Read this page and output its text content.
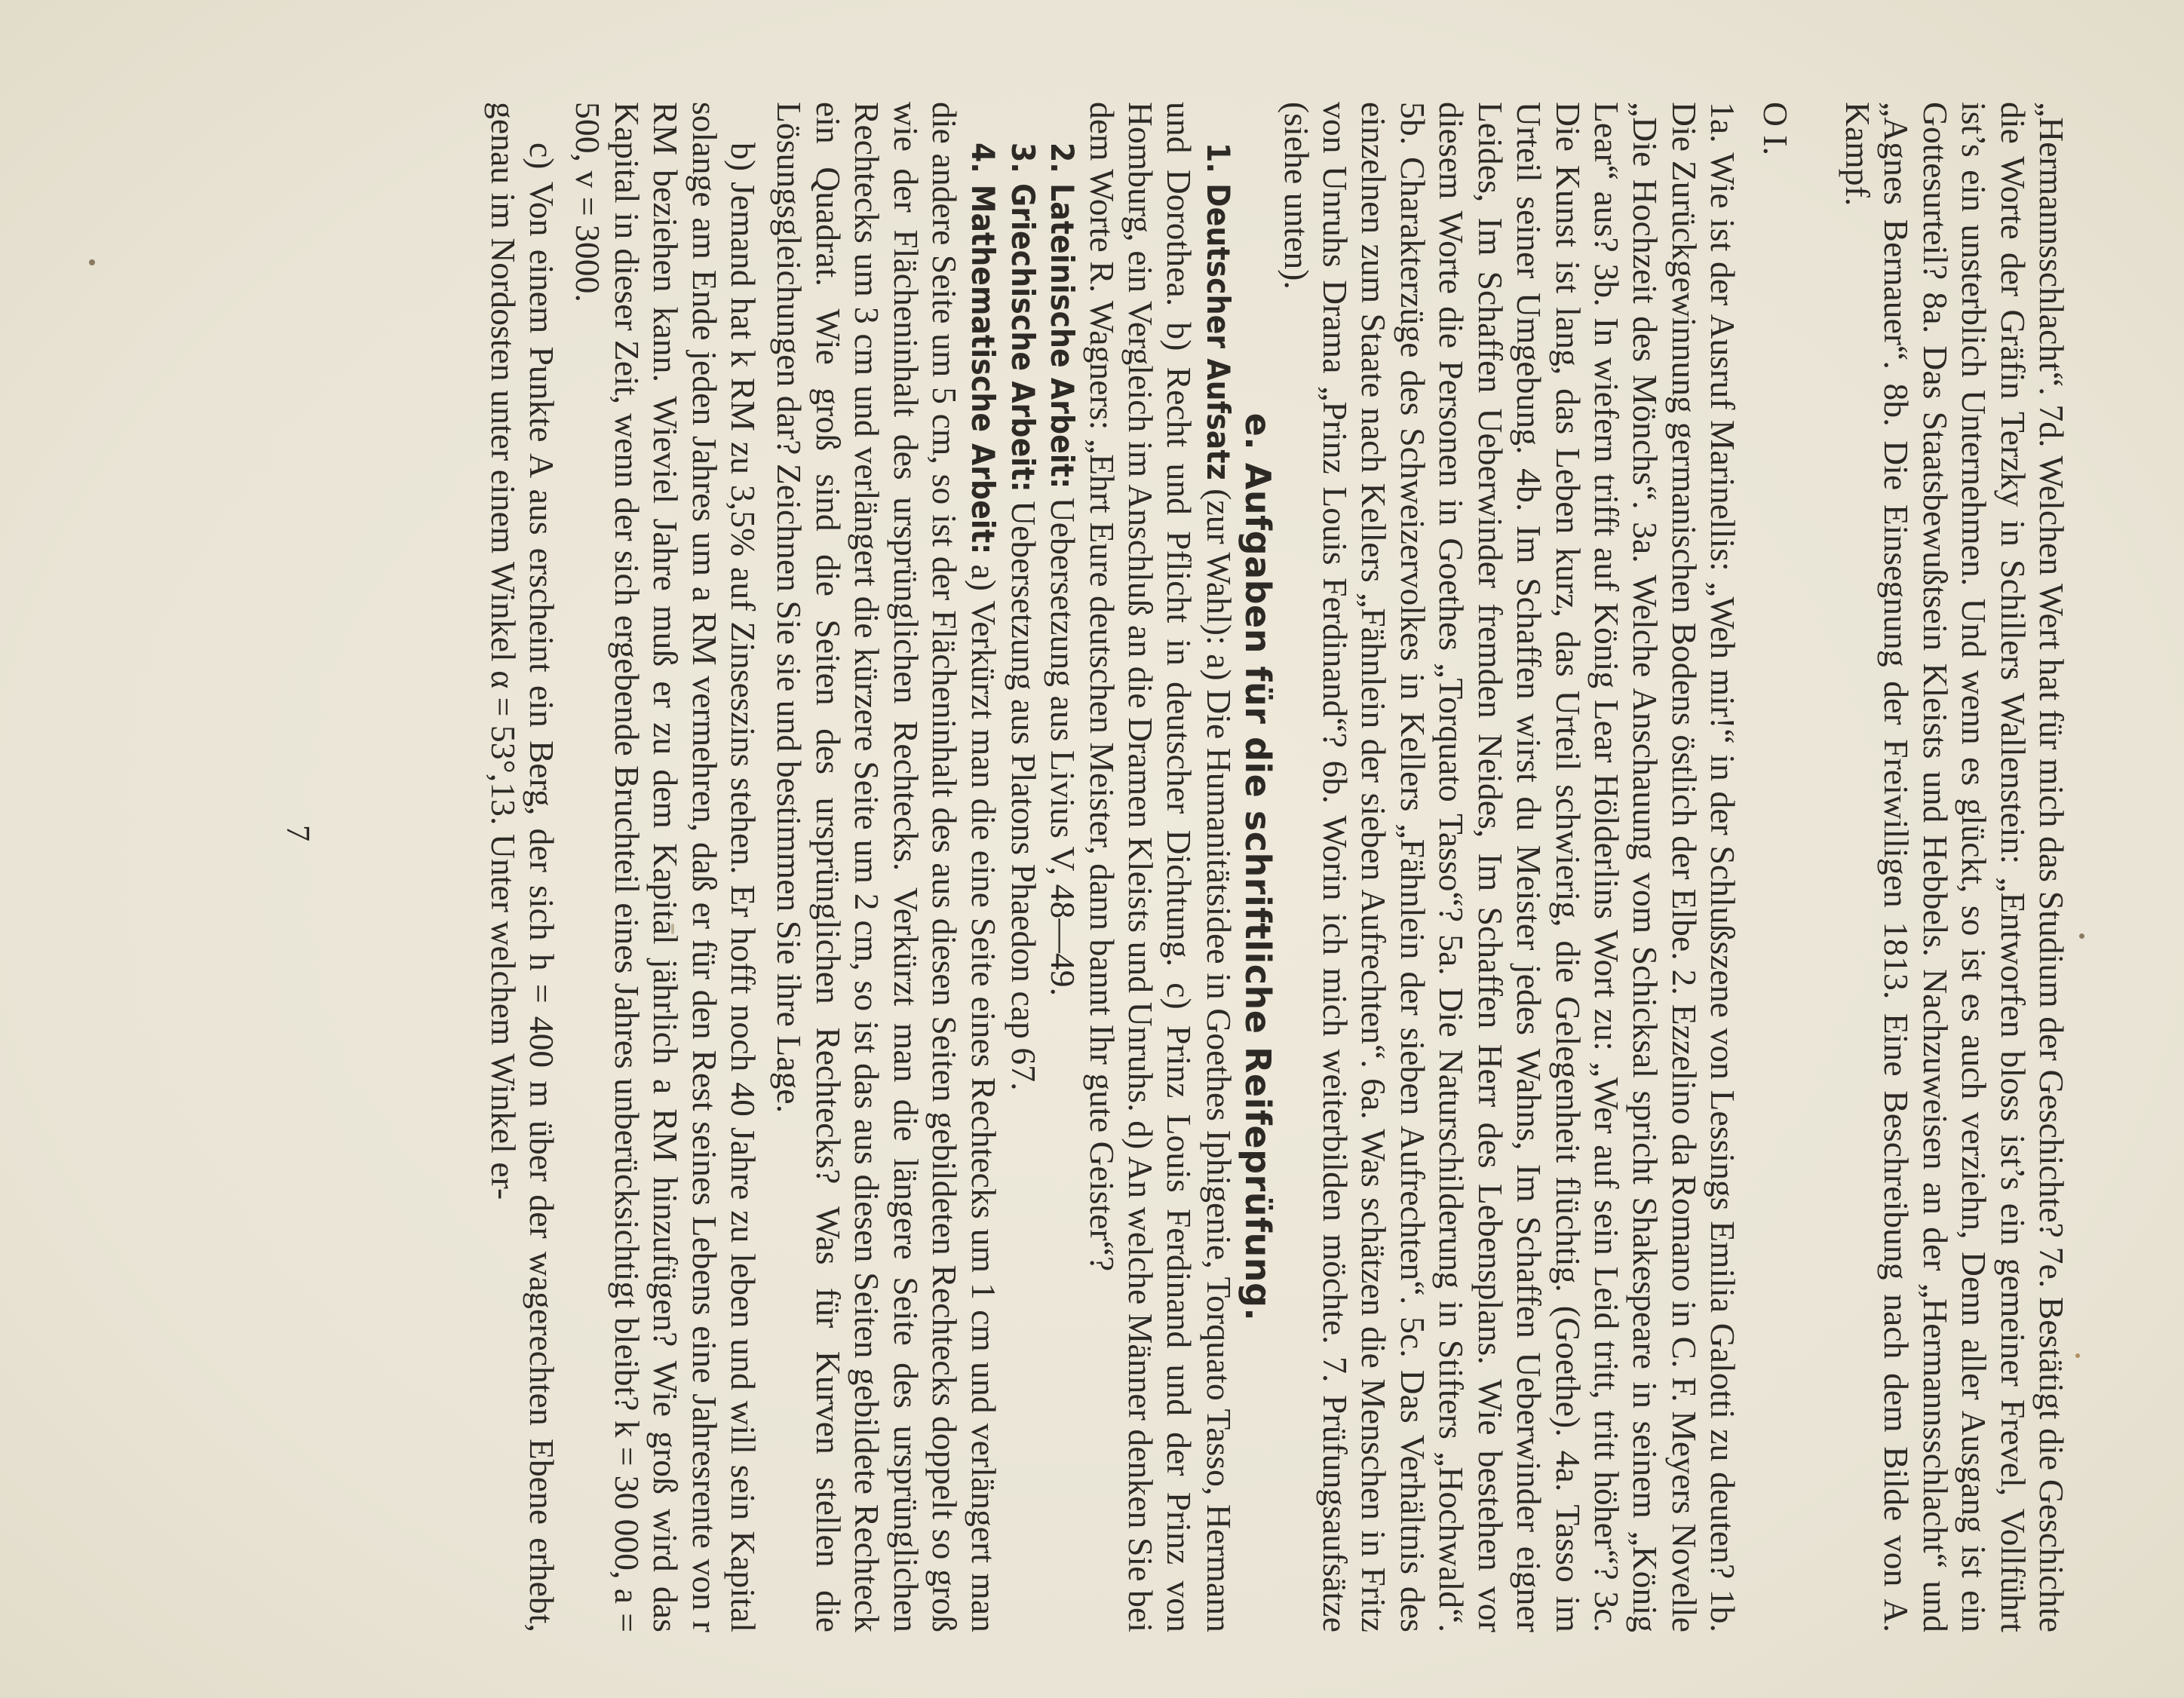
„Hermannsschlacht“. 7d. Welchen Wert hat für mich das Studium der Geschichte? 7e. Bestätigt die Geschichte die Worte der Gräfin Terzky in Schillers Wallenstein: „Entworfen bloss ist’s ein gemeiner Frevel, Vollführt ist’s ein unsterblich Unternehmen. Und wenn es glückt, so ist es auch verziehn, Denn aller Ausgang ist ein Gottesurteil? 8a. Das Staatsbewußtsein Kleists und Hebbels. Nachzuweisen an der „Hermannsschlacht“ und „Agnes Bernauer“. 8b. Die Einsegnung der Freiwilligen 1813. Eine Beschreibung nach dem Bilde von A. Kampf.

O I.

1a. Wie ist der Ausruf Marinellis: „Weh mir!“ in der Schlußszene von Lessings Emilia Galotti zu deuten? 1b. Die Zurückgewinnung germanischen Bodens östlich der Elbe. 2. Ezzelino da Romano in C. F. Meyers Novelle „Die Hochzeit des Mönchs“. 3a. Welche Anschauung vom Schicksal spricht Shakespeare in seinem „König Lear“ aus? 3b. In wiefern trifft auf König Lear Hölderlins Wort zu: „Wer auf sein Leid tritt, tritt höher“? 3c. Die Kunst ist lang, das Leben kurz, das Urteil schwierig, die Gelegenheit flüchtig. (Goethe). 4a. Tasso im Urteil seiner Umgebung. 4b. Im Schaffen wirst du Meister jedes Wahns, Im Schaffen Ueberwinder eigner Leides, Im Schaffen Ueberwinder fremden Neides, Im Schaffen Herr des Lebensplans. Wie bestehen vor diesem Worte die Personen in Goethes „Torquato Tasso“? 5a. Die Naturschilderung in Stifters „Hochwald“. 5b. Charakterzüge des Schweizervolkes in Kellers „Fähnlein der sieben Aufrechten“. 5c. Das Verhältnis des einzelnen zum Staate nach Kellers „Fähnlein der sieben Aufrechten“. 6a. Was schätzen die Menschen in Fritz von Unruhs Drama „Prinz Louis Ferdinand“? 6b. Worin ich mich weiterbilden möchte. 7. Prüfungsaufsätze (siehe unten).

e. Aufgaben für die schriftliche Reifeprüfung.

1. Deutscher Aufsatz (zur Wahl): a) Die Humanitätsidee in Goethes Iphigenie, Torquato Tasso, Hermann und Dorothea. b) Recht und Pflicht in deutscher Dichtung. c) Prinz Louis Ferdinand und der Prinz von Homburg, ein Vergleich im Anschluß an die Dramen Kleists und Unruhs. d) An welche Männer denken Sie bei dem Worte R. Wagners: „Ehrt Eure deutschen Meister, dann bannt Ihr gute Geister“?

2. Lateinische Arbeit: Uebersetzung aus Livius V, 48—49.

3. Griechische Arbeit: Uebersetzung aus Platons Phaedon cap 67.

4. Mathematische Arbeit: a) Verkürzt man die eine Seite eines Rechtecks um 1 cm und verlängert man die andere Seite um 5 cm, so ist der Flächeninhalt des aus diesen Seiten gebildeten Rechtecks doppelt so groß wie der Flächeninhalt des ursprünglichen Rechtecks. Verkürzt man die längere Seite des ursprünglichen Rechtecks um 3 cm und verlängert die kürzere Seite um 2 cm, so ist das aus diesen Seiten gebildete Rechteck ein Quadrat. Wie groß sind die Seiten des ursprünglichen Rechtecks? Was für Kurven stellen die Lösungsgleichungen dar? Zeichnen Sie sie und bestimmen Sie ihre Lage.

b) Jemand hat k RM zu 3,5% auf Zinseszins stehen. Er hofft noch 40 Jahre zu leben und will sein Kapital solange am Ende jeden Jahres um a RM vermehren, daß er für den Rest seines Lebens eine Jahresrente von r RM beziehen kann. Wieviel Jahre muß er zu dem Kapital jährlich a RM hinzufügen? Wie groß wird das Kapital in dieser Zeit, wenn der sich ergebende Bruchteil eines Jahres unberücksichtigt bleibt? k = 30 000, a = 500, v = 3000.

c) Von einem Punkte A aus erscheint ein Berg, der sich h = 400 m über der wagerechten Ebene erhebt, genau im Nordosten unter einem Winkel α = 53°,13. Unter welchem Winkel er-

7
